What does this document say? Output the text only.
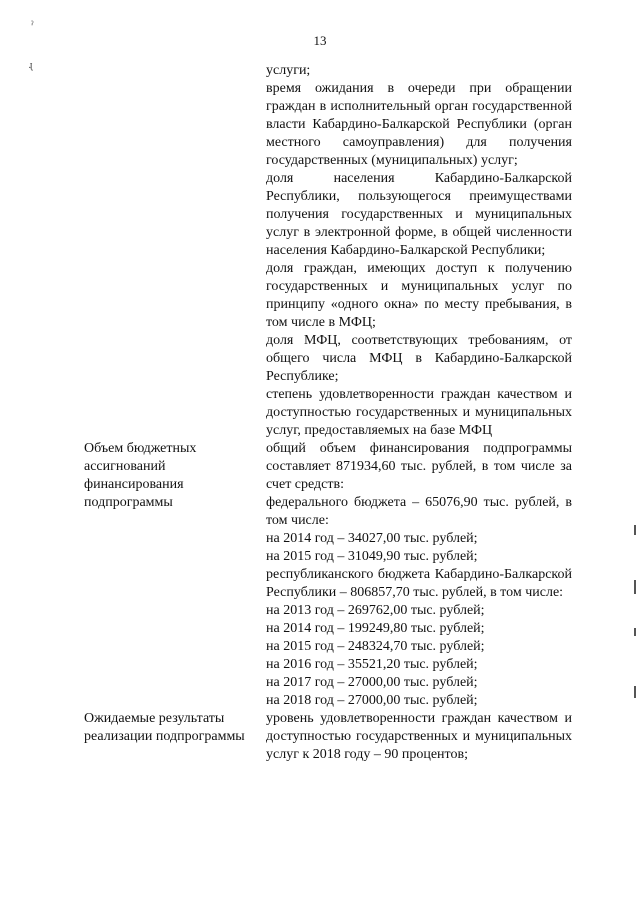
13
ˀ
ɻ	услуги;

время ожидания в очереди при обращении граждан в исполнительный орган государственной власти Кабардино-Балкарской Республики (орган местного самоуправления) для получения государственных (муниципальных) услуг;

доля населения Кабардино-Балкарской Республики, пользующегося преимуществами получения государственных и муниципальных услуг в электронной форме, в общей численности населения Кабардино-Балкарской Республики;

доля граждан, имеющих доступ к получению государственных и муниципальных услуг по принципу «одного окна» по месту пребывания, в том числе в МФЦ;

доля МФЦ, соответствующих требованиям, от общего числа МФЦ в Кабардино-Балкарской Республике;

степень удовлетворенности граждан качеством и доступностью государственных и муниципальных услуг, предоставляемых на базе МФЦ

Объем бюджетных
ассигнований
финансирования
подпрограммы

общий объем финансирования подпрограммы составляет 871934,60 тыс. рублей, в том числе за счет средств:

федерального бюджета – 65076,90 тыс. рублей, в том числе:

на 2014 год – 34027,00 тыс. рублей;

на 2015 год – 31049,90 тыс. рублей;

республиканского бюджета Кабардино-Балкарской Республики – 806857,70 тыс. рублей, в том числе:

на 2013 год – 269762,00 тыс. рублей;

на 2014 год – 199249,80 тыс. рублей;

на 2015 год – 248324,70 тыс. рублей;

на 2016 год – 35521,20 тыс. рублей;

на 2017 год – 27000,00 тыс. рублей;

на 2018 год – 27000,00 тыс. рублей;

Ожидаемые результаты
реализации подпрограммы

уровень удовлетворенности граждан качеством и доступностью государственных и муниципальных услуг к 2018 году – 90 процентов;
